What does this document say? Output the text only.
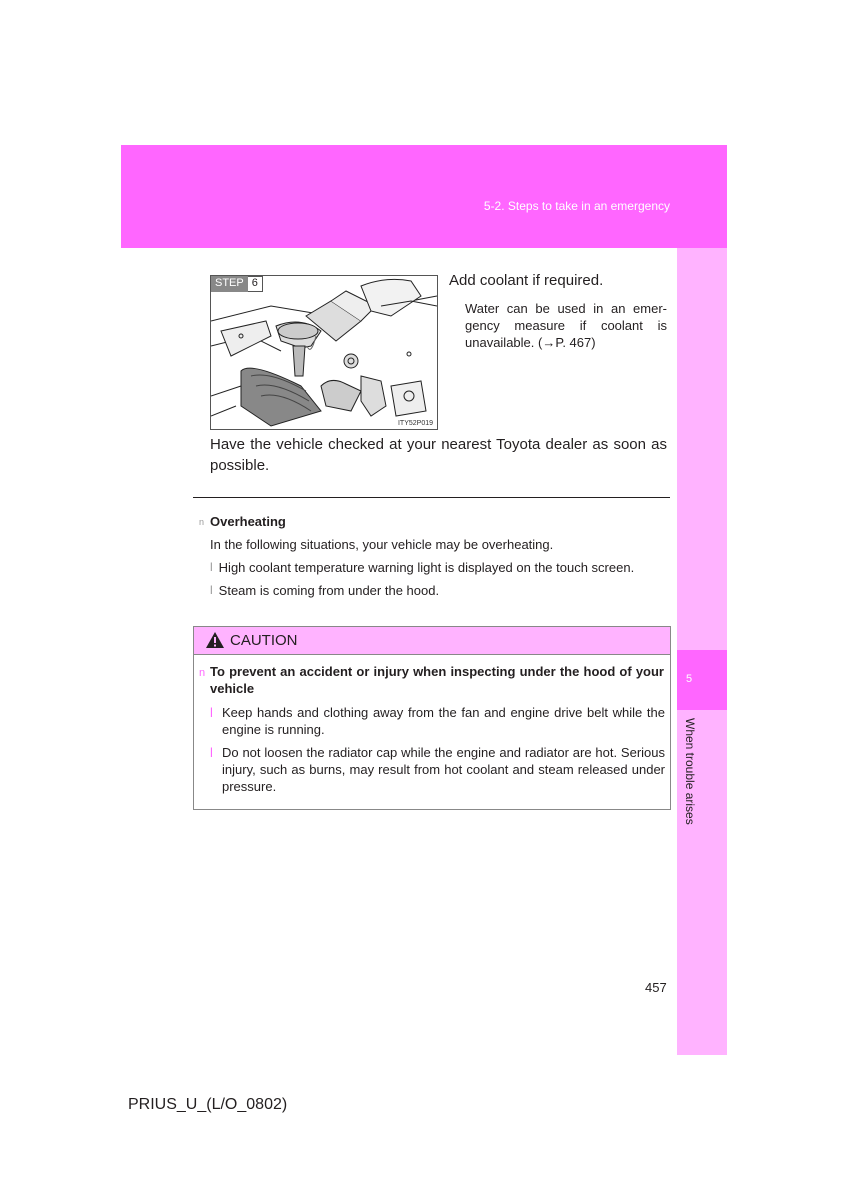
5-2. Steps to take in an emergency
5
When trouble arises
STEP 6
ITY52P019
Add coolant if required.
Water can be used in an emer-
gency measure if coolant is
unavailable. (→P. 467)
Have the vehicle checked at your nearest Toyota dealer as soon as possible.
n Overheating
In the following situations, your vehicle may be overheating.
l High coolant temperature warning light is displayed on the touch screen.
l Steam is coming from under the hood.
CAUTION
n To prevent an accident or injury when inspecting under the hood of your vehicle
l Keep hands and clothing away from the fan and engine drive belt while the engine is running.
l Do not loosen the radiator cap while the engine and radiator are hot. Serious injury, such as burns, may result from hot coolant and steam released under pressure.
457
PRIUS_U_(L/O_0802)
